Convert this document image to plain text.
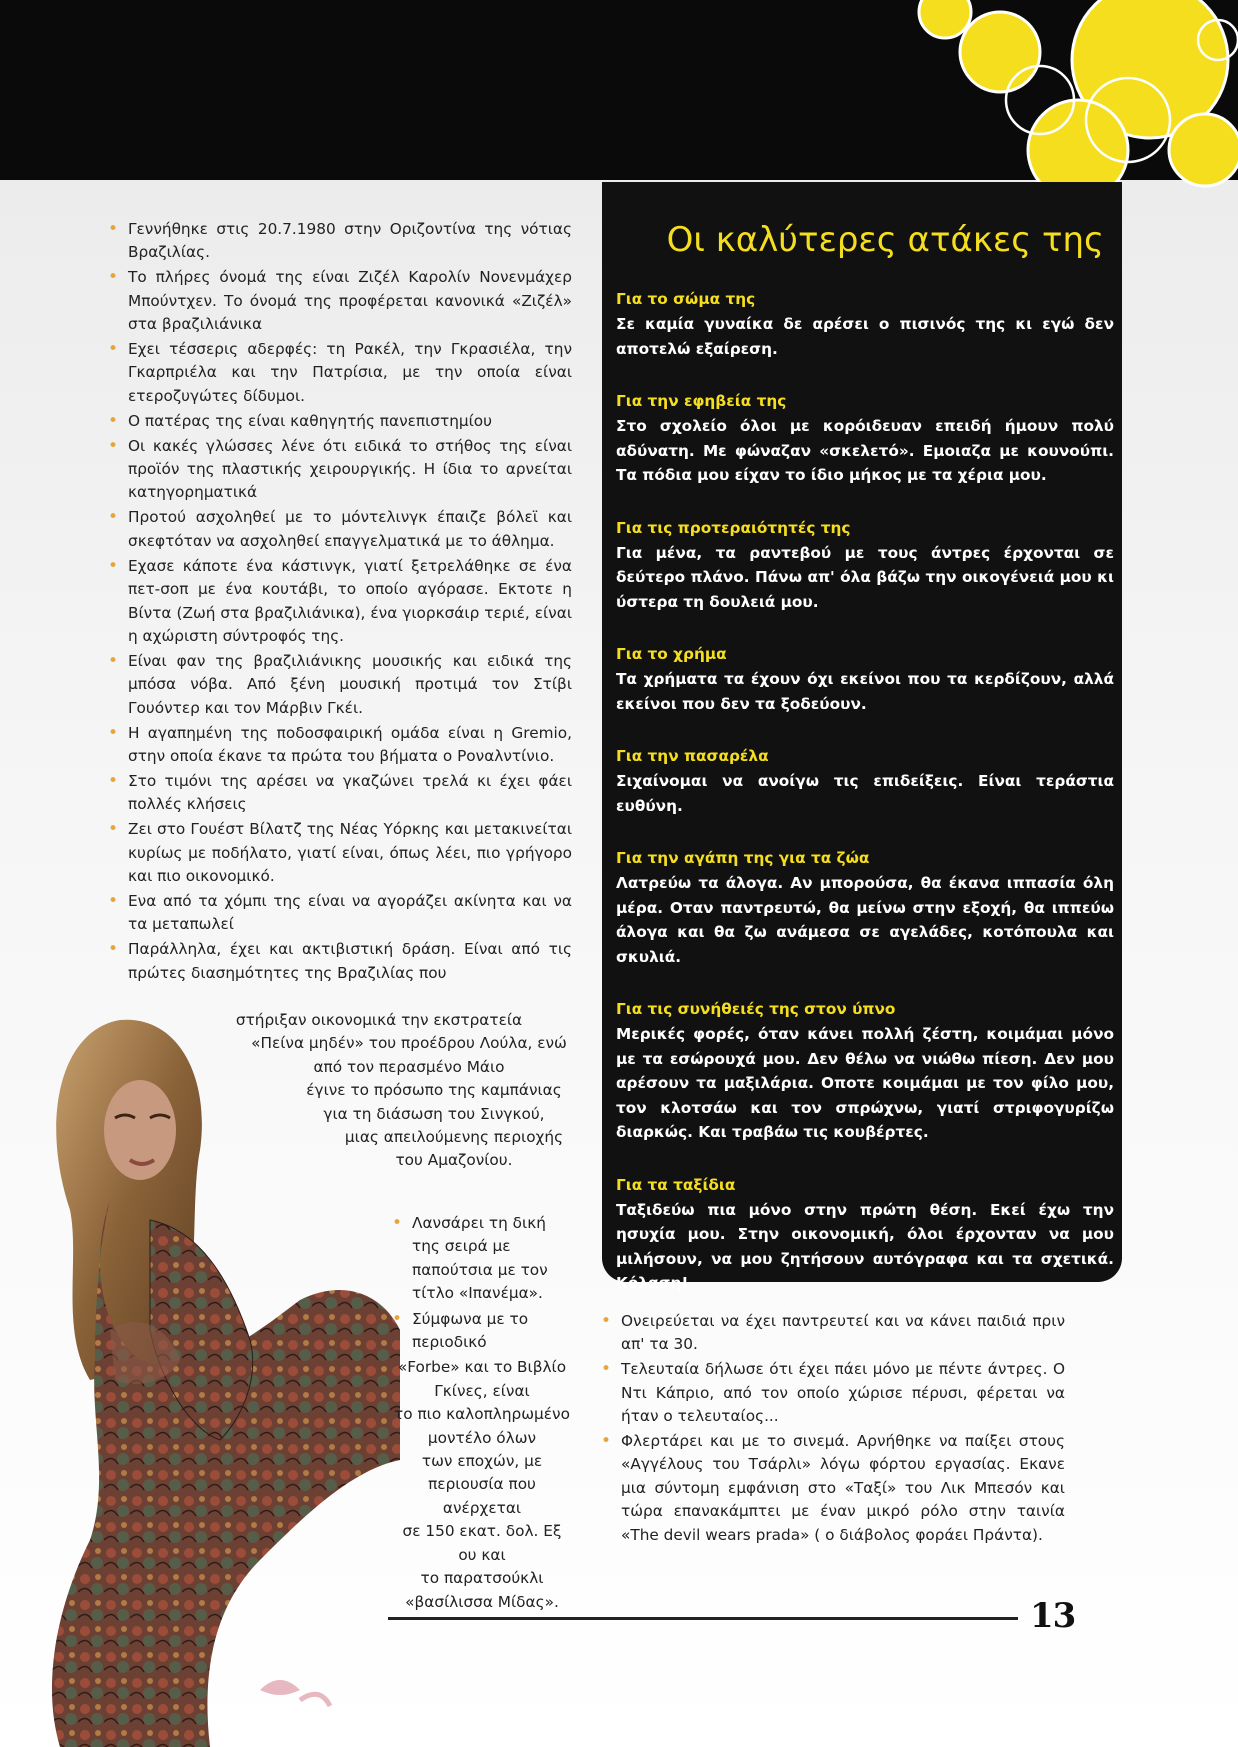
• Γεννήθηκε στις 20.7.1980 στην Οριζοντίνα της νότιας Βραζιλίας.
• Το πλήρες όνομά της είναι Ζιζέλ Καρολίν Νονενμάχερ Μπούντχεν. Το όνομά της προφέρεται κανονικά «Ζιζέλ» στα βραζιλιάνικα
• Εχει τέσσερις αδερφές: τη Ρακέλ, την Γκρασιέλα, την Γκαρπριέλα και την Πατρίσια, με την οποία είναι ετεροζυγώτες δίδυμοι.
• Ο πατέρας της είναι καθηγητής πανεπιστημίου
• Οι κακές γλώσσες λένε ότι ειδικά το στήθος της είναι προϊόν της πλαστικής χειρουργικής. Η ίδια το αρνείται κατηγορηματικά
• Προτού ασχοληθεί με το μόντελινγκ έπαιζε βόλεϊ και σκεφτόταν να ασχοληθεί επαγγελματικά με το άθλημα.
• Εχασε κάποτε ένα κάστινγκ, γιατί ξετρελάθηκε σε ένα πετ-σοπ με ένα κουτάβι, το οποίο αγόρασε. Εκτοτε η Βίντα (Ζωή στα βραζιλιάνικα), ένα γιορκσάιρ τεριέ, είναι η αχώριστη σύντροφός της.
• Είναι φαν της βραζιλιάνικης μουσικής και ειδικά της μπόσα νόβα. Από ξένη μουσική προτιμά τον Στίβι Γουόντερ και τον Μάρβιν Γκέι.
• Η αγαπημένη της ποδοσφαιρική ομάδα είναι η Gremio, στην οποία έκανε τα πρώτα του βήματα ο Ροναλντίνιο.
• Στο τιμόνι της αρέσει να γκαζώνει τρελά κι έχει φάει πολλές κλήσεις
• Ζει στο Γουέστ Βίλατζ της Νέας Υόρκης και μετακινείται κυρίως με ποδήλατο, γιατί είναι, όπως λέει, πιο γρήγορο και πιο οικονομικό.
• Ενα από τα χόμπι της είναι να αγοράζει ακίνητα και να τα μεταπωλεί
• Παράλληλα, έχει και ακτιβιστική δράση. Είναι από τις πρώτες διασημότητες της Βραζιλίας που

στήριξαν οικονομικά την εκστρατεία

«Πείνα μηδέν» του προέδρου Λούλα, ενώ από τον περασμένο Μάιο

έγινε το πρόσωπο της καμπάνιας

για τη διάσωση του Σινγκού,

μιας απειλούμενης περιοχής του Αμαζονίου.

• Λανσάρει τη δική της σειρά με παπούτσια με τον τίτλο «Ιπανέμα».

• Σύμφωνα με το περιοδικό

«Forbe» και το Βιβλίο Γκίνες, είναι

το πιο καλοπληρωμένο μοντέλο όλων

των εποχών, με περιουσία που ανέρχεται

σε 150 εκατ. δολ. Εξ ου και

το παρατσούκλι «βασίλισσα Μίδας».

Οι καλύτερες ατάκες της
Για το σώμα της

Σε καμία γυναίκα δε αρέσει ο πισινός της κι εγώ δεν αποτελώ εξαίρεση.

Για την εφηβεία της

Στο σχολείο όλοι με κορόιδευαν επειδή ήμουν πολύ αδύνατη. Με φώναζαν «σκελετό». Εμοιαζα με κουνούπι. Τα πόδια μου είχαν το ίδιο μήκος με τα χέρια μου.

Για τις προτεραιότητές της

Για μένα, τα ραντεβού με τους άντρες έρχονται σε δεύτερο πλάνο. Πάνω απ' όλα βάζω την οικογένειά μου κι ύστερα τη δουλειά μου.

Για το χρήμα

Τα χρήματα τα έχουν όχι εκείνοι που τα κερδίζουν, αλλά εκείνοι που δεν τα ξοδεύουν.

Για την πασαρέλα

Σιχαίνομαι να ανοίγω τις επιδείξεις. Είναι τεράστια ευθύνη.

Για την αγάπη της για τα ζώα

Λατρεύω τα άλογα. Αν μπορούσα, θα έκανα ιππασία όλη μέρα. Οταν παντρευτώ, θα μείνω στην εξοχή, θα ιππεύω άλογα και θα ζω ανάμεσα σε αγελάδες, κοτόπουλα και σκυλιά.

Για τις συνήθειές της στον ύπνο

Μερικές φορές, όταν κάνει πολλή ζέστη, κοιμάμαι μόνο με τα εσώρουχά μου. Δεν θέλω να νιώθω πίεση. Δεν μου αρέσουν τα μαξιλάρια. Οποτε κοιμάμαι με τον φίλο μου, τον κλοτσάω και τον σπρώχνω, γιατί στριφογυρίζω διαρκώς. Και τραβάω τις κουβέρτες.

Για τα ταξίδια

Ταξιδεύω πια μόνο στην πρώτη θέση. Εκεί έχω την ησυχία μου. Στην οικονομική, όλοι έρχονταν να μου μιλήσουν, να μου ζητήσουν αυτόγραφα και τα σχετικά. Κόλαση!

• Ονειρεύεται να έχει παντρευτεί και να κάνει παιδιά πριν απ' τα 30.
• Τελευταία δήλωσε ότι έχει πάει μόνο με πέντε άντρες. Ο Ντι Κάπριο, από τον οποίο χώρισε πέρυσι, φέρεται να ήταν ο τελευταίος...
• Φλερτάρει και με το σινεμά. Αρνήθηκε να παίξει στους «Αγγέλους του Τσάρλι» λόγω φόρτου εργασίας. Εκανε μια σύντομη εμφάνιση στο «Ταξί» του Λικ Μπεσόν και τώρα επανακάμπτει με έναν μικρό ρόλο στην ταινία «The devil wears prada» ( ο διάβολος φοράει Πράντα).
13
